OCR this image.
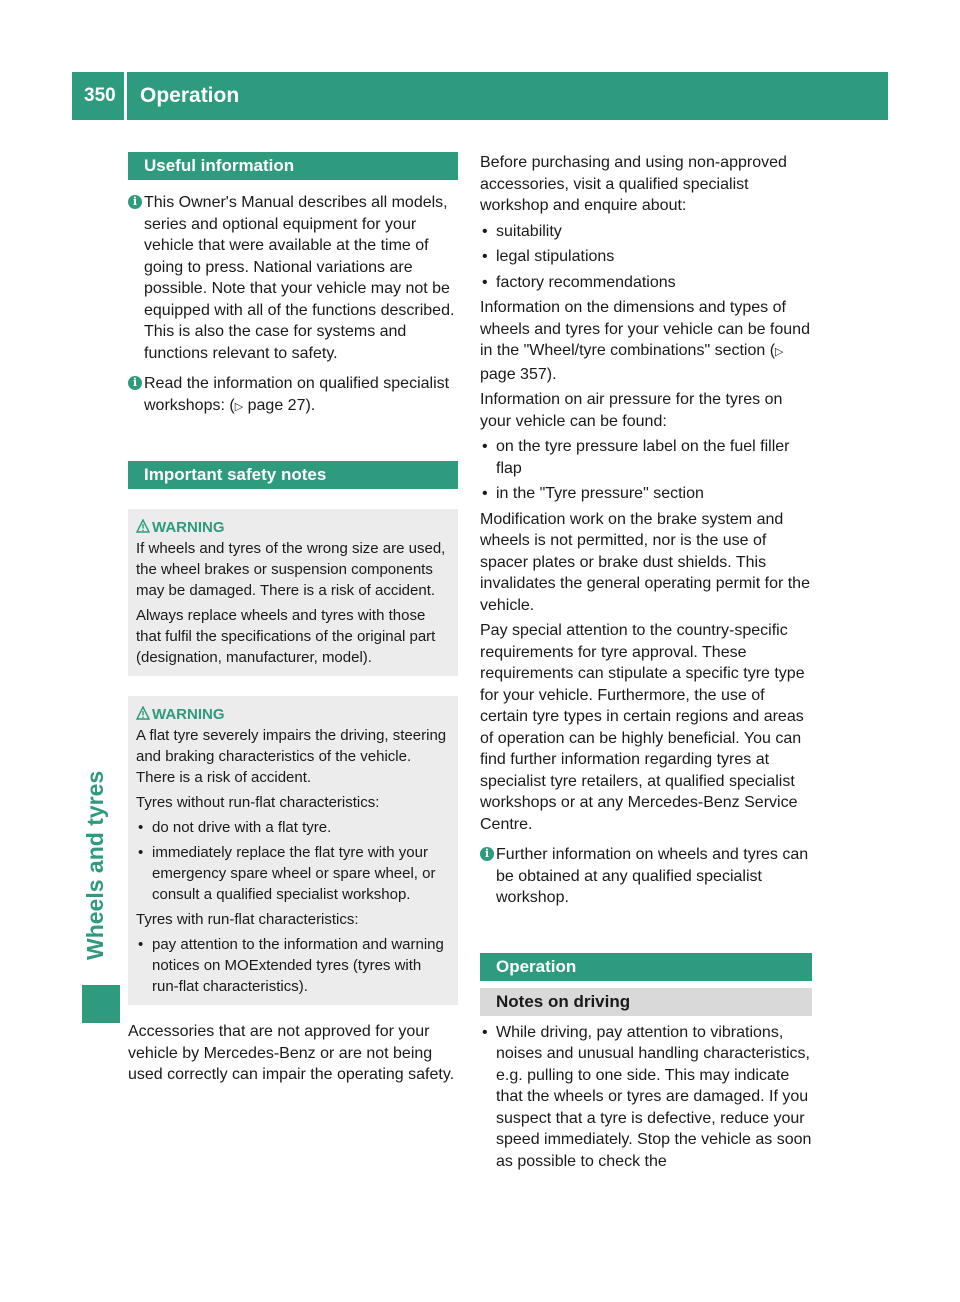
350	Operation
Wheels and tyres
Useful information
i This Owner's Manual describes all models, series and optional equipment for your vehicle that were available at the time of going to press. National variations are possible. Note that your vehicle may not be equipped with all of the functions described. This is also the case for systems and functions relevant to safety.

i Read the information on qualified specialist workshops: (▷ page 27).

Important safety notes
WARNING

If wheels and tyres of the wrong size are used, the wheel brakes or suspension components may be damaged. There is a risk of accident.

Always replace wheels and tyres with those that fulfil the specifications of the original part (designation, manufacturer, model).

WARNING

A flat tyre severely impairs the driving, steering and braking characteristics of the vehicle. There is a risk of accident.

Tyres without run-flat characteristics:

• do not drive with a flat tyre.
• immediately replace the flat tyre with your emergency spare wheel or spare wheel, or consult a qualified specialist workshop.

Tyres with run-flat characteristics:

• pay attention to the information and warning notices on MOExtended tyres (tyres with run-flat characteristics).

Accessories that are not approved for your vehicle by Mercedes-Benz or are not being used correctly can impair the operating safety.

Before purchasing and using non-approved accessories, visit a qualified specialist workshop and enquire about:

• suitability
• legal stipulations
• factory recommendations

Information on the dimensions and types of wheels and tyres for your vehicle can be found in the "Wheel/tyre combinations" section (▷ page 357).

Information on air pressure for the tyres on your vehicle can be found:

• on the tyre pressure label on the fuel filler flap
• in the "Tyre pressure" section

Modification work on the brake system and wheels is not permitted, nor is the use of spacer plates or brake dust shields. This invalidates the general operating permit for the vehicle.

Pay special attention to the country-specific requirements for tyre approval. These requirements can stipulate a specific tyre type for your vehicle. Furthermore, the use of certain tyre types in certain regions and areas of operation can be highly beneficial. You can find further information regarding tyres at specialist tyre retailers, at qualified specialist workshops or at any Mercedes-Benz Service Centre.

i Further information on wheels and tyres can be obtained at any qualified specialist workshop.

Operation
Notes on driving
• While driving, pay attention to vibrations, noises and unusual handling characteristics, e.g. pulling to one side. This may indicate that the wheels or tyres are damaged. If you suspect that a tyre is defective, reduce your speed immediately. Stop the vehicle as soon as possible to check the
